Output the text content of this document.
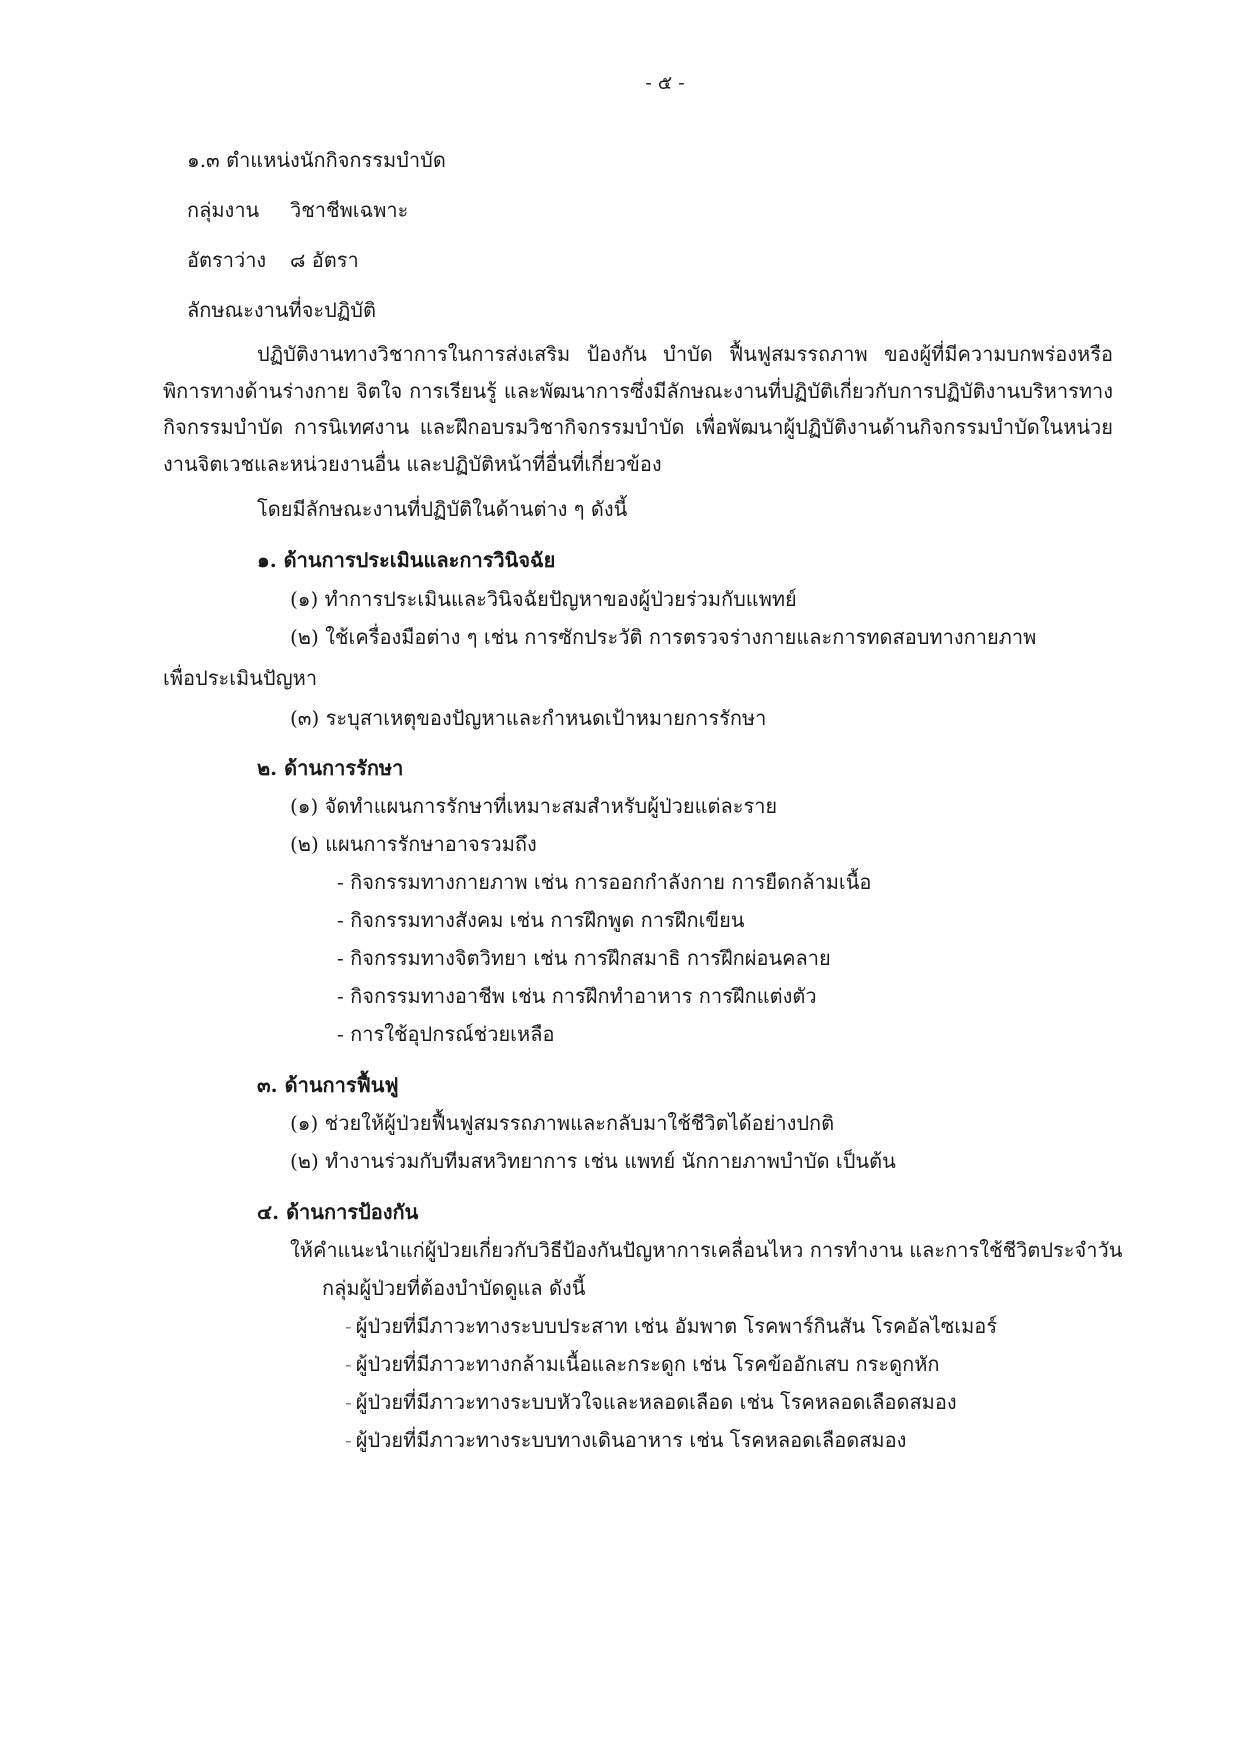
- ๕ -
๑.๓ ตำแหน่งนักกิจกรรมบำบัด
กลุ่มงาน วิชาชีพเฉพาะ
อัตราว่าง ๘ อัตรา
ลักษณะงานที่จะปฏิบัติ
ปฏิบัติงานทางวิชาการในการส่งเสริม ป้องกัน บำบัด ฟื้นฟูสมรรถภาพ ของผู้ที่มีความบกพร่องหรือพิการทางด้านร่างกาย จิตใจ การเรียนรู้ และพัฒนาการซึ่งมีลักษณะงานที่ปฏิบัติเกี่ยวกับการปฏิบัติงานบริหารทางกิจกรรมบำบัด การนิเทศงาน และฝึกอบรมวิชากิจกรรมบำบัด เพื่อพัฒนาผู้ปฏิบัติงานด้านกิจกรรมบำบัดในหน่วยงานจิตเวชและหน่วยงานอื่น และปฏิบัติหน้าที่อื่นที่เกี่ยวข้อง
โดยมีลักษณะงานที่ปฏิบัติในด้านต่าง ๆ ดังนี้
๑. ด้านการประเมินและการวินิจฉัย
(๑) ทำการประเมินและวินิจฉัยปัญหาของผู้ป่วยร่วมกับแพทย์
(๒) ใช้เครื่องมือต่าง ๆ เช่น การซักประวัติ การตรวจร่างกายและการทดสอบทางกายภาพ
เพื่อประเมินปัญหา
(๓) ระบุสาเหตุของปัญหาและกำหนดเป้าหมายการรักษา
๒. ด้านการรักษา
(๑) จัดทำแผนการรักษาที่เหมาะสมสำหรับผู้ป่วยแต่ละราย
(๒) แผนการรักษาอาจรวมถึง
- กิจกรรมทางกายภาพ เช่น การออกกำลังกาย การยืดกล้ามเนื้อ
- กิจกรรมทางสังคม เช่น การฝึกพูด การฝึกเขียน
- กิจกรรมทางจิตวิทยา เช่น การฝึกสมาธิ การฝึกผ่อนคลาย
- กิจกรรมทางอาชีพ เช่น การฝึกทำอาหาร การฝึกแต่งตัว
- การใช้อุปกรณ์ช่วยเหลือ
๓. ด้านการฟื้นฟู
(๑) ช่วยให้ผู้ป่วยฟื้นฟูสมรรถภาพและกลับมาใช้ชีวิตได้อย่างปกติ
(๒) ทำงานร่วมกับทีมสหวิทยาการ เช่น แพทย์ นักกายภาพบำบัด เป็นต้น
๔. ด้านการป้องกัน
ให้คำแนะนำแก่ผู้ป่วยเกี่ยวกับวิธีป้องกันปัญหาการเคลื่อนไหว การทำงาน และการใช้ชีวิตประจำวัน
กลุ่มผู้ป่วยที่ต้องบำบัดดูแล ดังนี้
- ผู้ป่วยที่มีภาวะทางระบบประสาท เช่น อัมพาต โรคพาร์กินสัน โรคอัลไซเมอร์
- ผู้ป่วยที่มีภาวะทางกล้ามเนื้อและกระดูก เช่น โรคข้ออักเสบ กระดูกหัก
- ผู้ป่วยที่มีภาวะทางระบบหัวใจและหลอดเลือด เช่น โรคหลอดเลือดสมอง
- ผู้ป่วยที่มีภาวะทางระบบทางเดินอาหาร เช่น โรคหลอดเลือดสมอง
